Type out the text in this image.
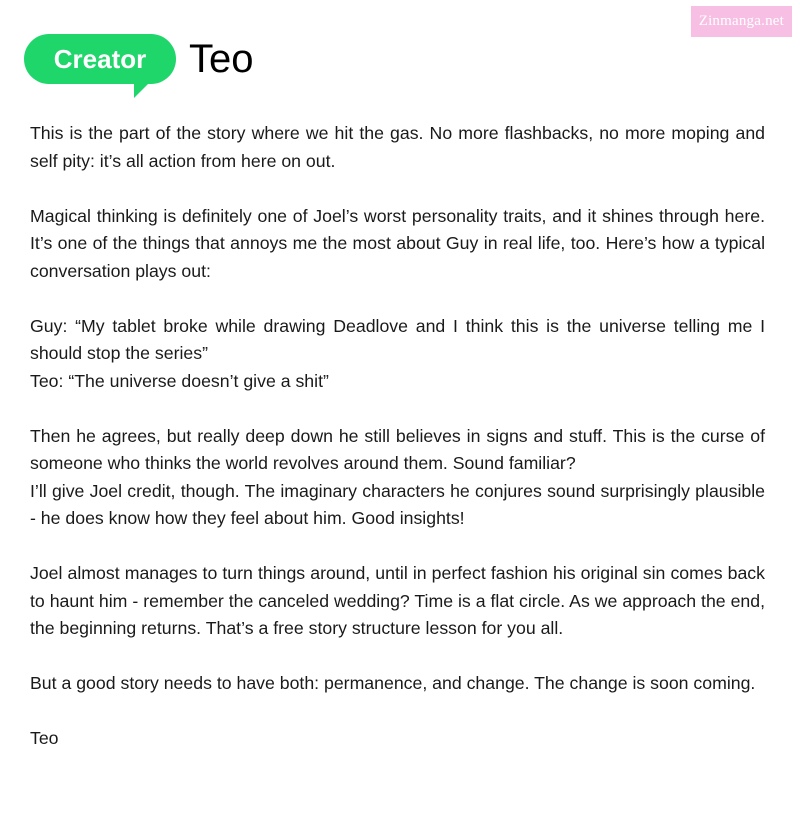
Zinmanga.net
Creator Teo

This is the part of the story where we hit the gas. No more flashbacks, no more moping and self pity: it’s all action from here on out.

Magical thinking is definitely one of Joel’s worst personality traits, and it shines through here. It’s one of the things that annoys me the most about Guy in real life, too. Here’s how a typical conversation plays out:

Guy: “My tablet broke while drawing Deadlove and I think this is the universe telling me I should stop the series”
Teo: “The universe doesn’t give a shit”

Then he agrees, but really deep down he still believes in signs and stuff. This is the curse of someone who thinks the world revolves around them. Sound familiar?
I’ll give Joel credit, though. The imaginary characters he conjures sound surprisingly plausible - he does know how they feel about him. Good insights!

Joel almost manages to turn things around, until in perfect fashion his original sin comes back to haunt him - remember the canceled wedding? Time is a flat circle. As we approach the end, the beginning returns. That’s a free story structure lesson for you all.

But a good story needs to have both: permanence, and change. The change is soon coming.

Teo
